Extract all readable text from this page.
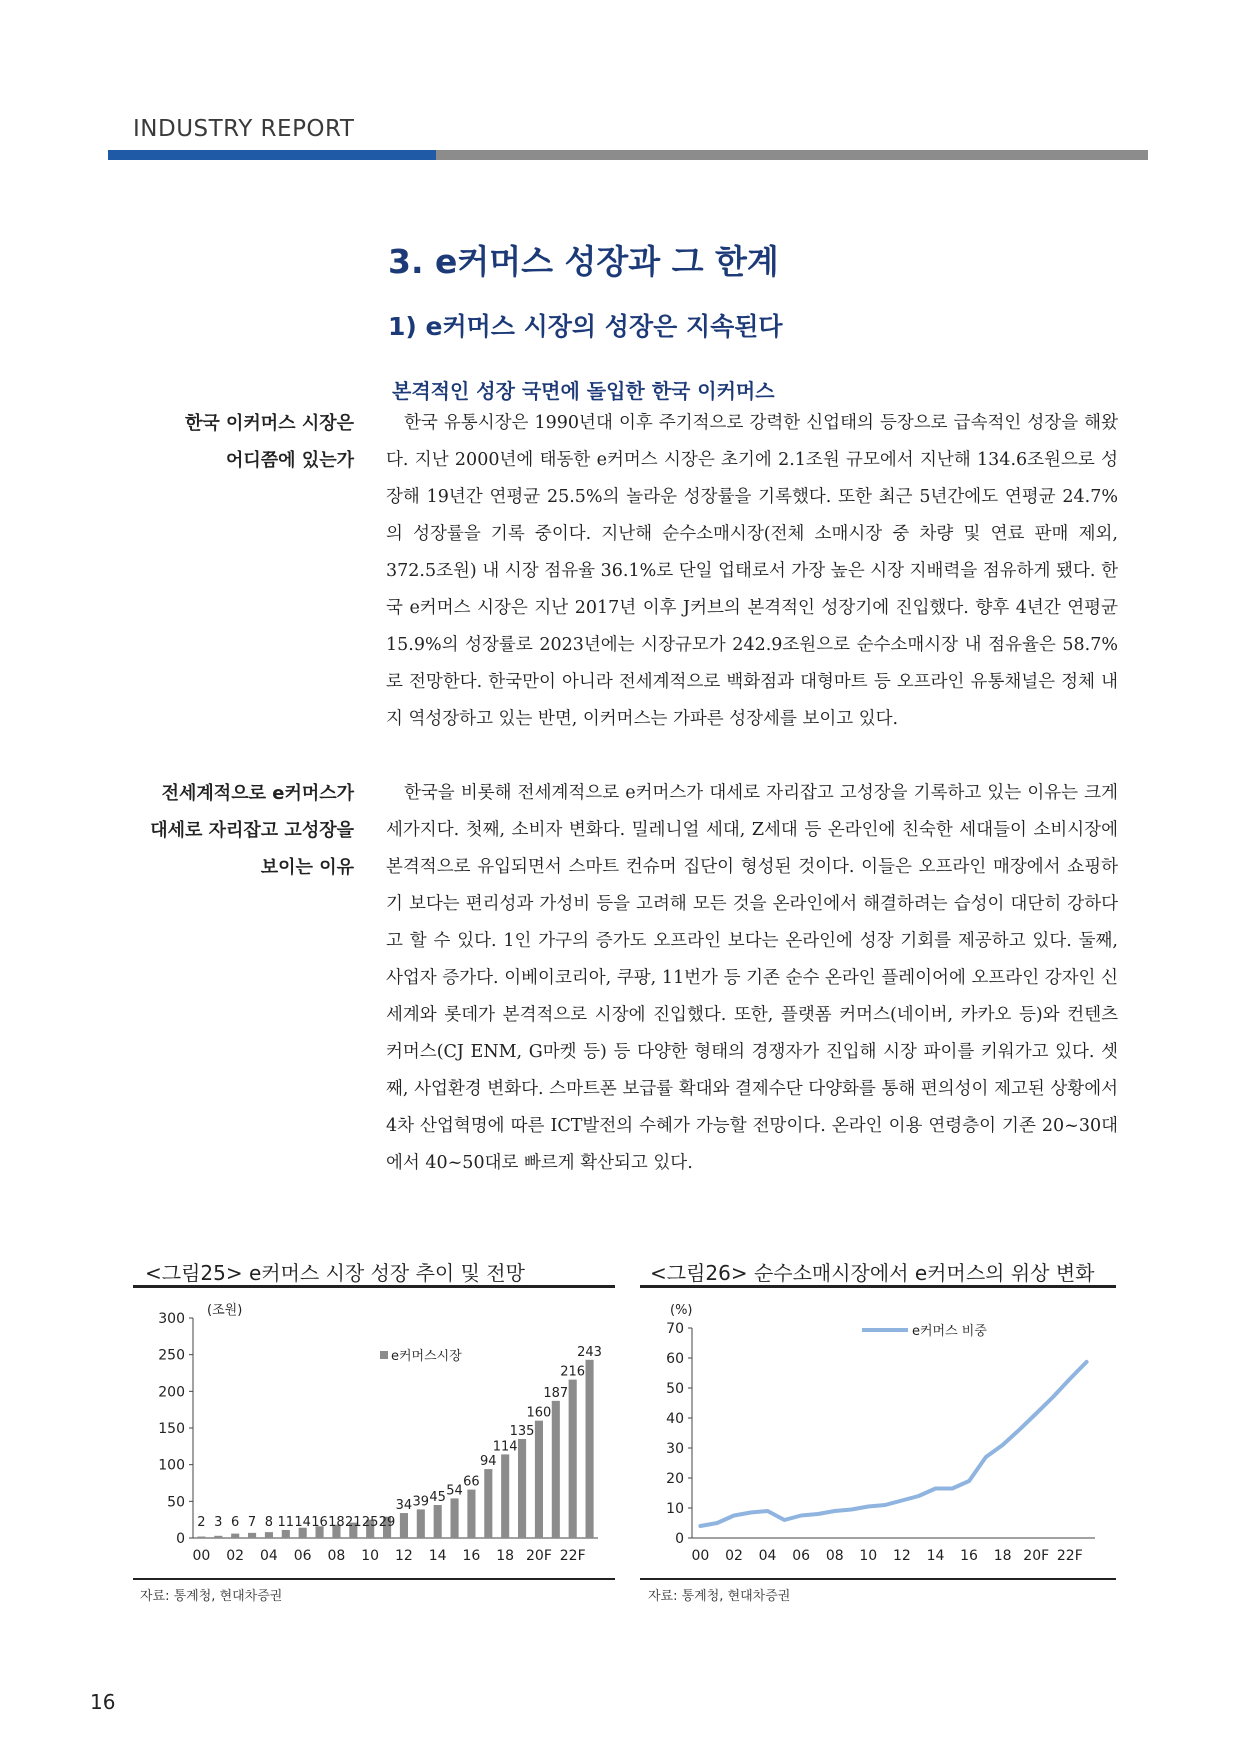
INDUSTRY REPORT
3. e커머스 성장과 그 한계
1) e커머스 시장의 성장은 지속된다
본격적인 성장 국면에 돌입한 한국 이커머스
한국 이커머스 시장은
어디쯤에 있는가
한국 유통시장은 1990년대 이후 주기적으로 강력한 신업태의 등장으로 급속적인 성장을 해왔다. 지난 2000년에 태동한 e커머스 시장은 초기에 2.1조원 규모에서 지난해 134.6조원으로 성장해 19년간 연평균 25.5%의 놀라운 성장률을 기록했다. 또한 최근 5년간에도 연평균 24.7%의 성장률을 기록 중이다. 지난해 순수소매시장(전체 소매시장 중 차량 및 연료 판매 제외, 372.5조원) 내 시장 점유율 36.1%로 단일 업태로서 가장 높은 시장 지배력을 점유하게 됐다. 한국 e커머스 시장은 지난 2017년 이후 J커브의 본격적인 성장기에 진입했다. 향후 4년간 연평균 15.9%의 성장률로 2023년에는 시장규모가 242.9조원으로 순수소매시장 내 점유율은 58.7%로 전망한다. 한국만이 아니라 전세계적으로 백화점과 대형마트 등 오프라인 유통채널은 정체 내지 역성장하고 있는 반면, 이커머스는 가파른 성장세를 보이고 있다.
전세계적으로 e커머스가
대세로 자리잡고 고성장을
보이는 이유
한국을 비롯해 전세계적으로 e커머스가 대세로 자리잡고 고성장을 기록하고 있는 이유는 크게 세가지다. 첫째, 소비자 변화다. 밀레니얼 세대, Z세대 등 온라인에 친숙한 세대들이 소비시장에 본격적으로 유입되면서 스마트 컨슈머 집단이 형성된 것이다. 이들은 오프라인 매장에서 쇼핑하기 보다는 편리성과 가성비 등을 고려해 모든 것을 온라인에서 해결하려는 습성이 대단히 강하다고 할 수 있다. 1인 가구의 증가도 오프라인 보다는 온라인에 성장 기회를 제공하고 있다. 둘째, 사업자 증가다. 이베이코리아, 쿠팡, 11번가 등 기존 순수 온라인 플레이어에 오프라인 강자인 신세계와 롯데가 본격적으로 시장에 진입했다. 또한, 플랫폼 커머스(네이버, 카카오 등)와 컨텐츠 커머스(CJ ENM, G마켓 등) 등 다양한 형태의 경쟁자가 진입해 시장 파이를 키워가고 있다. 셋째, 사업환경 변화다. 스마트폰 보급률 확대와 결제수단 다양화를 통해 편의성이 제고된 상황에서 4차 산업혁명에 따른 ICT발전의 수혜가 가능할 전망이다. 온라인 이용 연령층이 기존 20~30대에서 40~50대로 빠르게 확산되고 있다.
<그림25> e커머스 시장 성장 추이 및 전망
0
50
100
150
200
250
300
(조원)
2 3 6 7 8 11 14 16 18 21 25 29
34 39 45 54
66
94
114
135
160
187
216
243
00 02 04 06 08 10 12 14 16 18 20F 22F
e커머스시장
자료: 통계청, 현대차증권
<그림26> 순수소매시장에서 e커머스의 위상 변화
0
10
20
30
40
50
60
70
(%)
00 02 04 06 08 10 12 14 16 18 20F 22F
e커머스 비중
자료: 통계청, 현대차증권
16
